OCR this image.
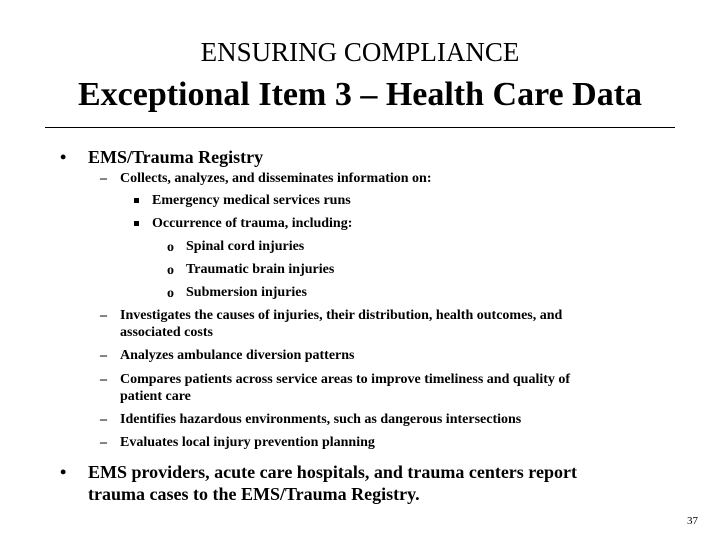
ENSURING COMPLIANCE
Exceptional Item 3 – Health Care Data
• EMS/Trauma Registry
– Collects, analyzes, and disseminates information on:
Emergency medical services runs
Occurrence of trauma, including:
o Spinal cord injuries
o Traumatic brain injuries
o Submersion injuries
– Investigates the causes of injuries, their distribution, health outcomes, and
associated costs
– Analyzes ambulance diversion patterns
– Compares patients across service areas to improve timeliness and quality of
patient care
– Identifies hazardous environments, such as dangerous intersections
– Evaluates local injury prevention planning
• EMS providers, acute care hospitals, and trauma centers report
trauma cases to the EMS/Trauma Registry.
37
